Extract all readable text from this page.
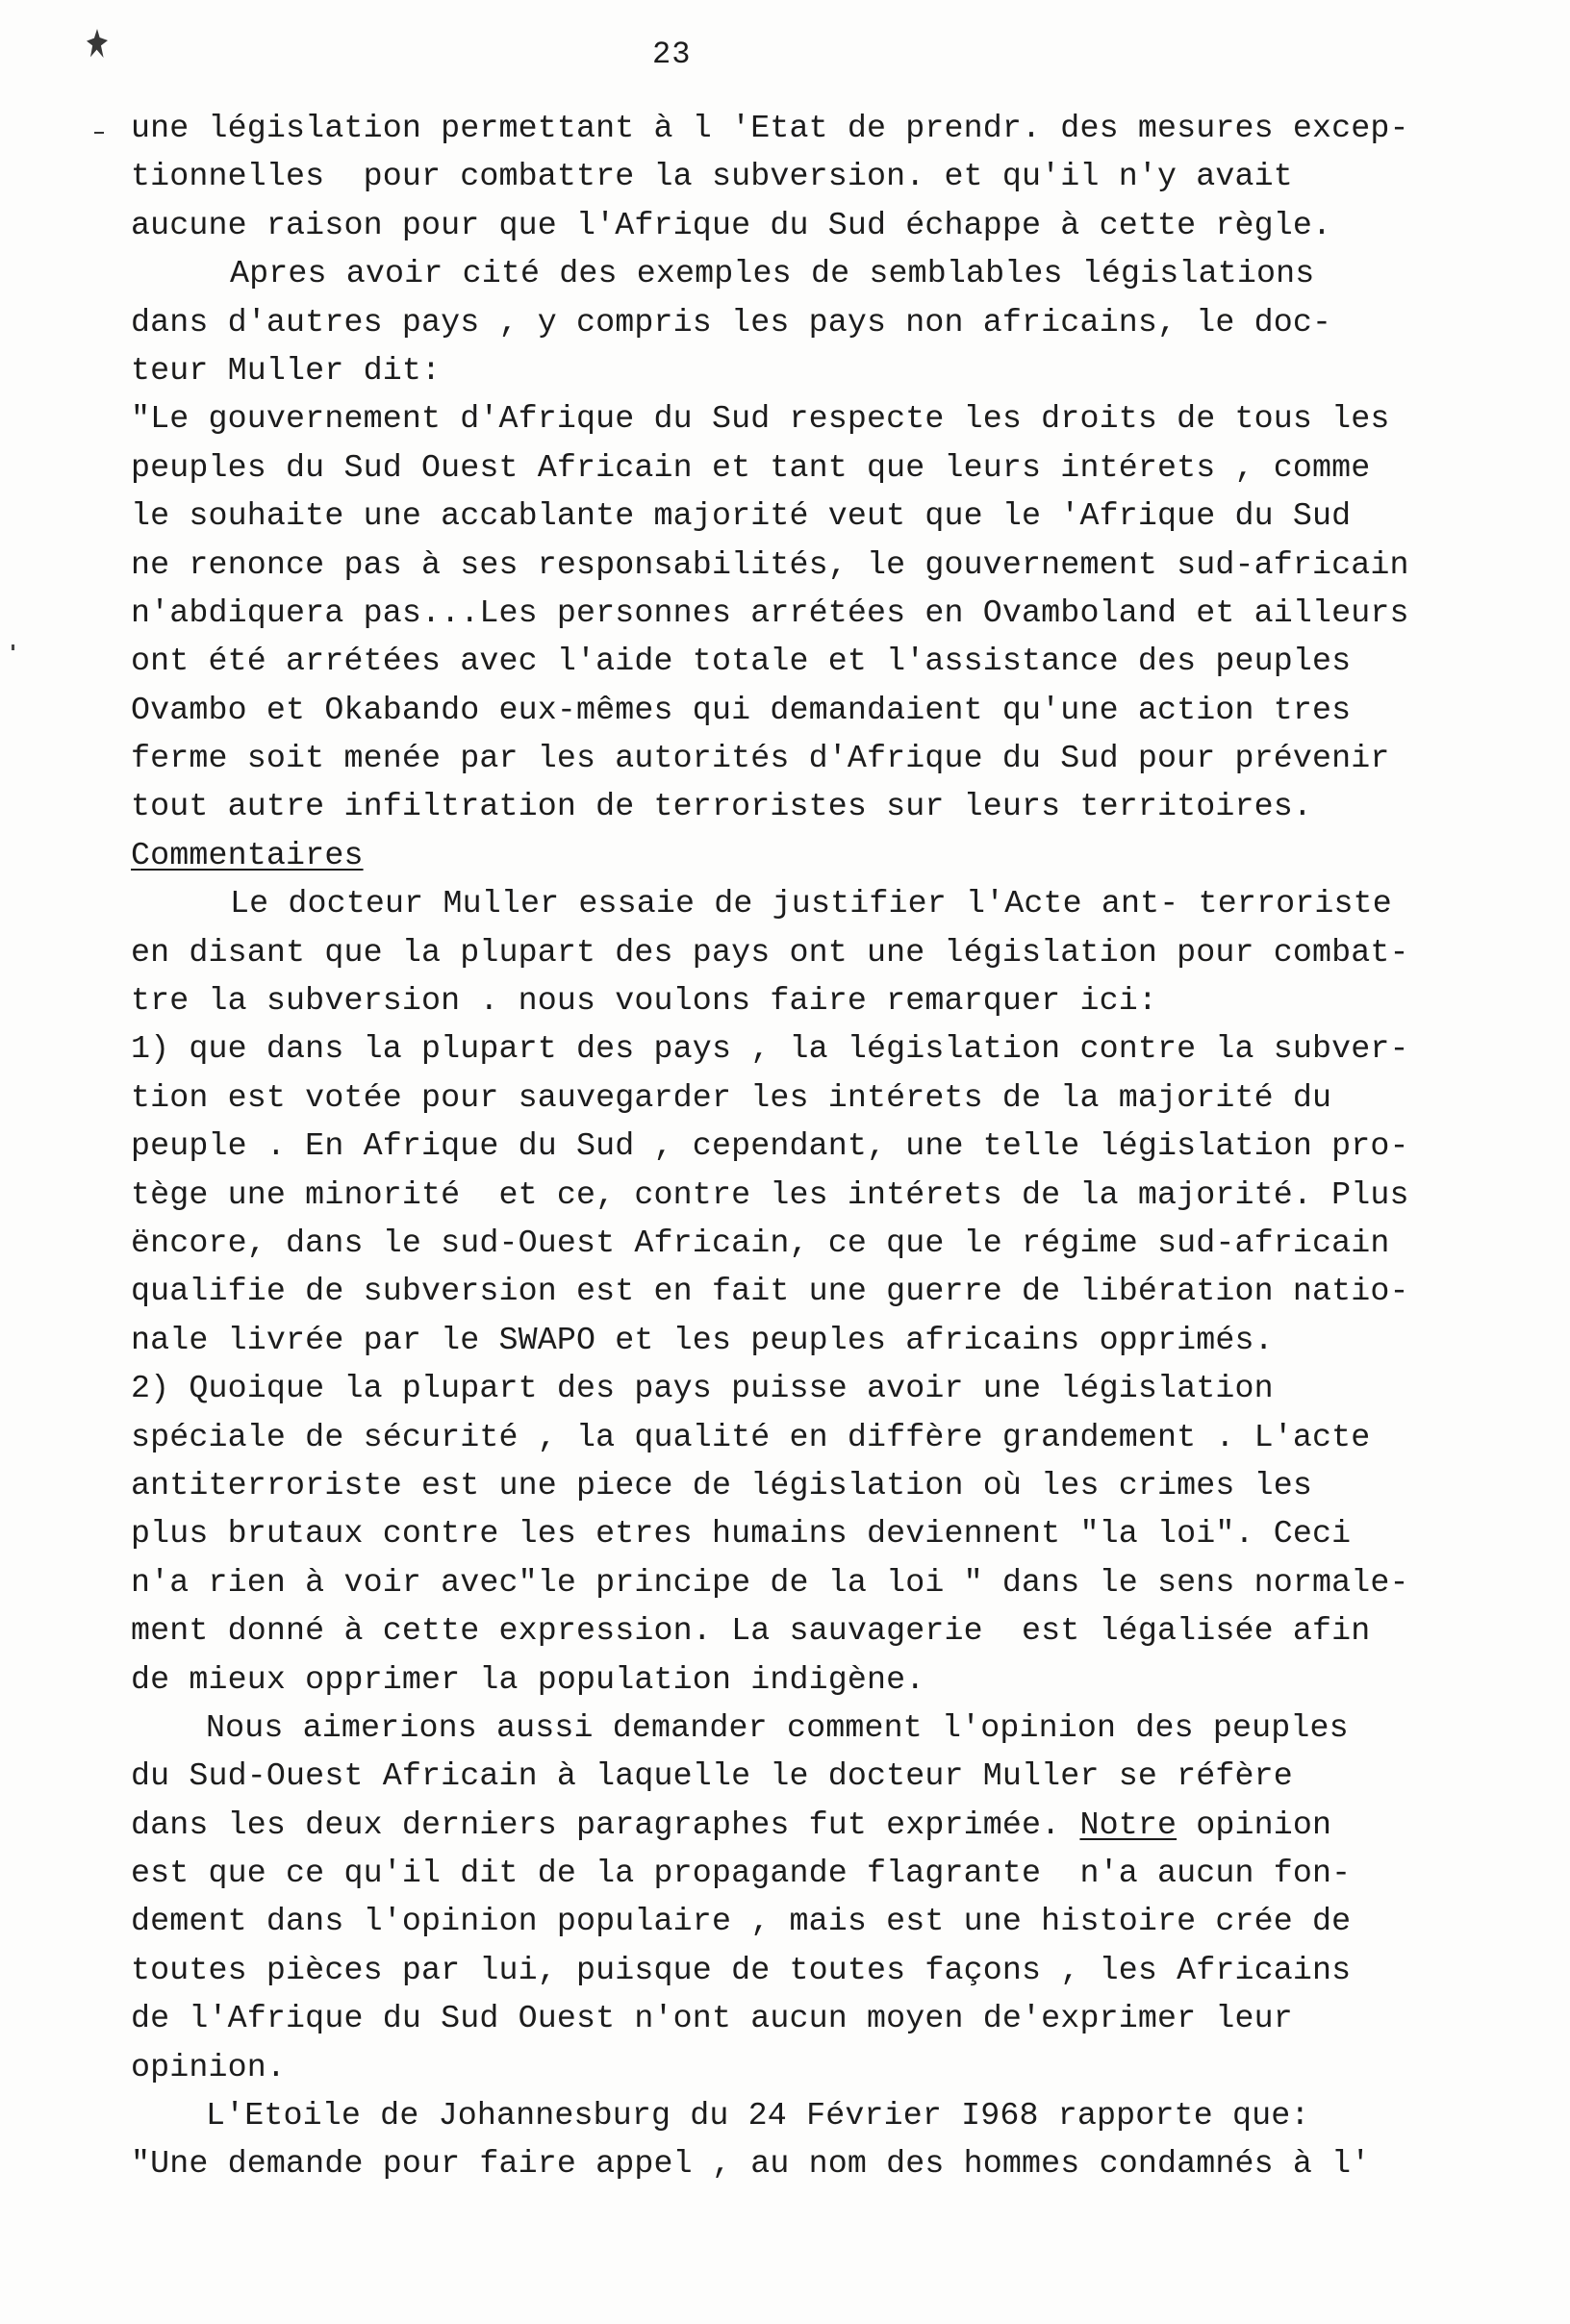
23
une législation permettant à l 'Etat de prendr. des mesures excep-
tionnelles  pour combattre la subversion. et qu'il n'y avait
aucune raison pour que l'Afrique du Sud échappe à cette règle.
Apres avoir cité des exemples de semblables législations
dans d'autres pays , y compris les pays non africains, le doc-
teur Muller dit:
"Le gouvernement d'Afrique du Sud respecte les droits de tous les
peuples du Sud Ouest Africain et tant que leurs intérets , comme
le souhaite une accablante majorité veut que le 'Afrique du Sud
ne renonce pas à ses responsabilités, le gouvernement sud-africain
n'abdiquera pas...Les personnes arrétées en Ovamboland et ailleurs
ont été arrétées avec l'aide totale et l'assistance des peuples
Ovambo et Okabando eux-mêmes qui demandaient qu'une action tres
ferme soit menée par les autorités d'Afrique du Sud pour prévenir
tout autre infiltration de terroristes sur leurs territoires.
Commentaires
Le docteur Muller essaie de justifier l'Acte ant- terroriste
en disant que la plupart des pays ont une législation pour combat-
tre la subversion . nous voulons faire remarquer ici:
1) que dans la plupart des pays , la législation contre la subver-
tion est votée pour sauvegarder les intérets de la majorité du
peuple . En Afrique du Sud , cependant, une telle législation pro-
tège une minorité  et ce, contre les intérets de la majorité. Plus
ëncore, dans le sud-Ouest Africain, ce que le régime sud-africain
qualifie de subversion est en fait une guerre de libération natio-
nale livrée par le SWAPO et les peuples africains opprimés.
2) Quoique la plupart des pays puisse avoir une législation
spéciale de sécurité , la qualité en diffère grandement . L'acte
antiterroriste est une piece de législation où les crimes les
plus brutaux contre les etres humains deviennent "la loi". Ceci
n'a rien à voir avec"le principe de la loi " dans le sens normale-
ment donné à cette expression. La sauvagerie  est légalisée afin
de mieux opprimer la population indigène.
Nous aimerions aussi demander comment l'opinion des peuples
du Sud-Ouest Africain à laquelle le docteur Muller se réfère
dans les deux derniers paragraphes fut exprimée. Notre opinion
est que ce qu'il dit de la propagande flagrante  n'a aucun fon-
dement dans l'opinion populaire , mais est une histoire crée de
toutes pièces par lui, puisque de toutes façons , les Africains
de l'Afrique du Sud Ouest n'ont aucun moyen de'exprimer leur
opinion.
L'Etoile de Johannesburg du 24 Février I968 rapporte que:
"Une demande pour faire appel , au nom des hommes condamnés à l'
